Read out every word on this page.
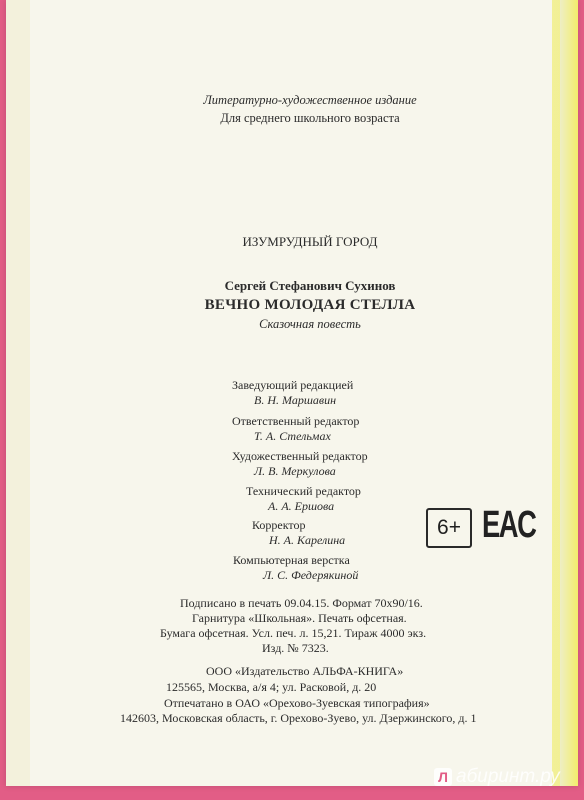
Литературно-художественное издание
Для среднего школьного возраста
ИЗУМРУДНЫЙ ГОРОД
Сергей Стефанович Сухинов
ВЕЧНО МОЛОДАЯ СТЕЛЛА
Сказочная повесть
Заведующий редакцией
В. Н. Маршавин
Ответственный редактор
Т. А. Стельмах
Художественный редактор
Л. В. Меркулова
Технический редактор
А. А. Ершова
Корректор
Н. А. Карелина
Компьютерная верстка
Л. С. Федерякиной
6+ EAC
Подписано в печать 09.04.15. Формат 70х90/16.
Гарнитура «Школьная». Печать офсетная.
Бумага офсетная. Усл. печ. л. 15,21. Тираж 4000 экз.
Изд. № 7323.
ООО «Издательство АЛЬФА-КНИГА»
125565, Москва, а/я 4; ул. Расковой, д. 20
Отпечатано в ОАО «Орехово-Зуевская типография»
142603, Московская область, г. Орехово-Зуево, ул. Дзержинского, д. 1
Л абиринт.ру
